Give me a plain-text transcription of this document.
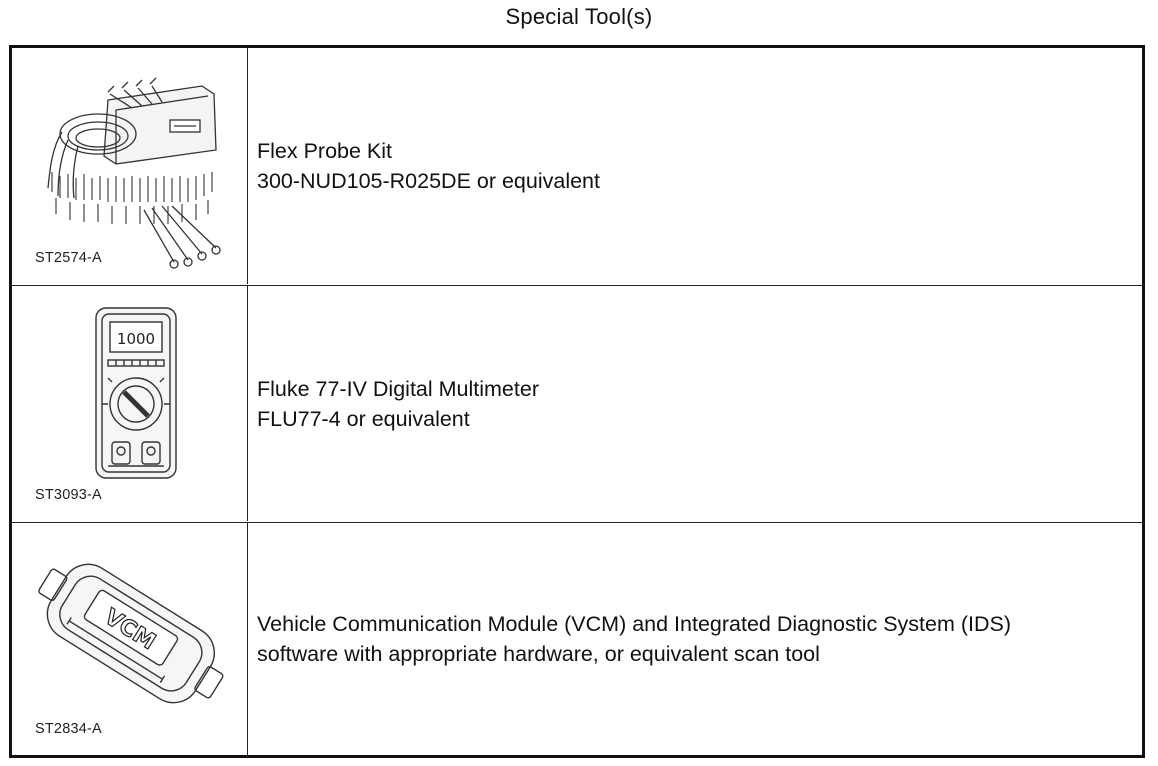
Special Tool(s)
ST2574-A
Flex Probe Kit
300-NUD105-R025DE or equivalent
1000
ST3093-A
Fluke 77-IV Digital Multimeter
FLU77-4 or equivalent
VCM
ST2834-A
Vehicle Communication Module (VCM) and Integrated Diagnostic System (IDS)
software with appropriate hardware, or equivalent scan tool
